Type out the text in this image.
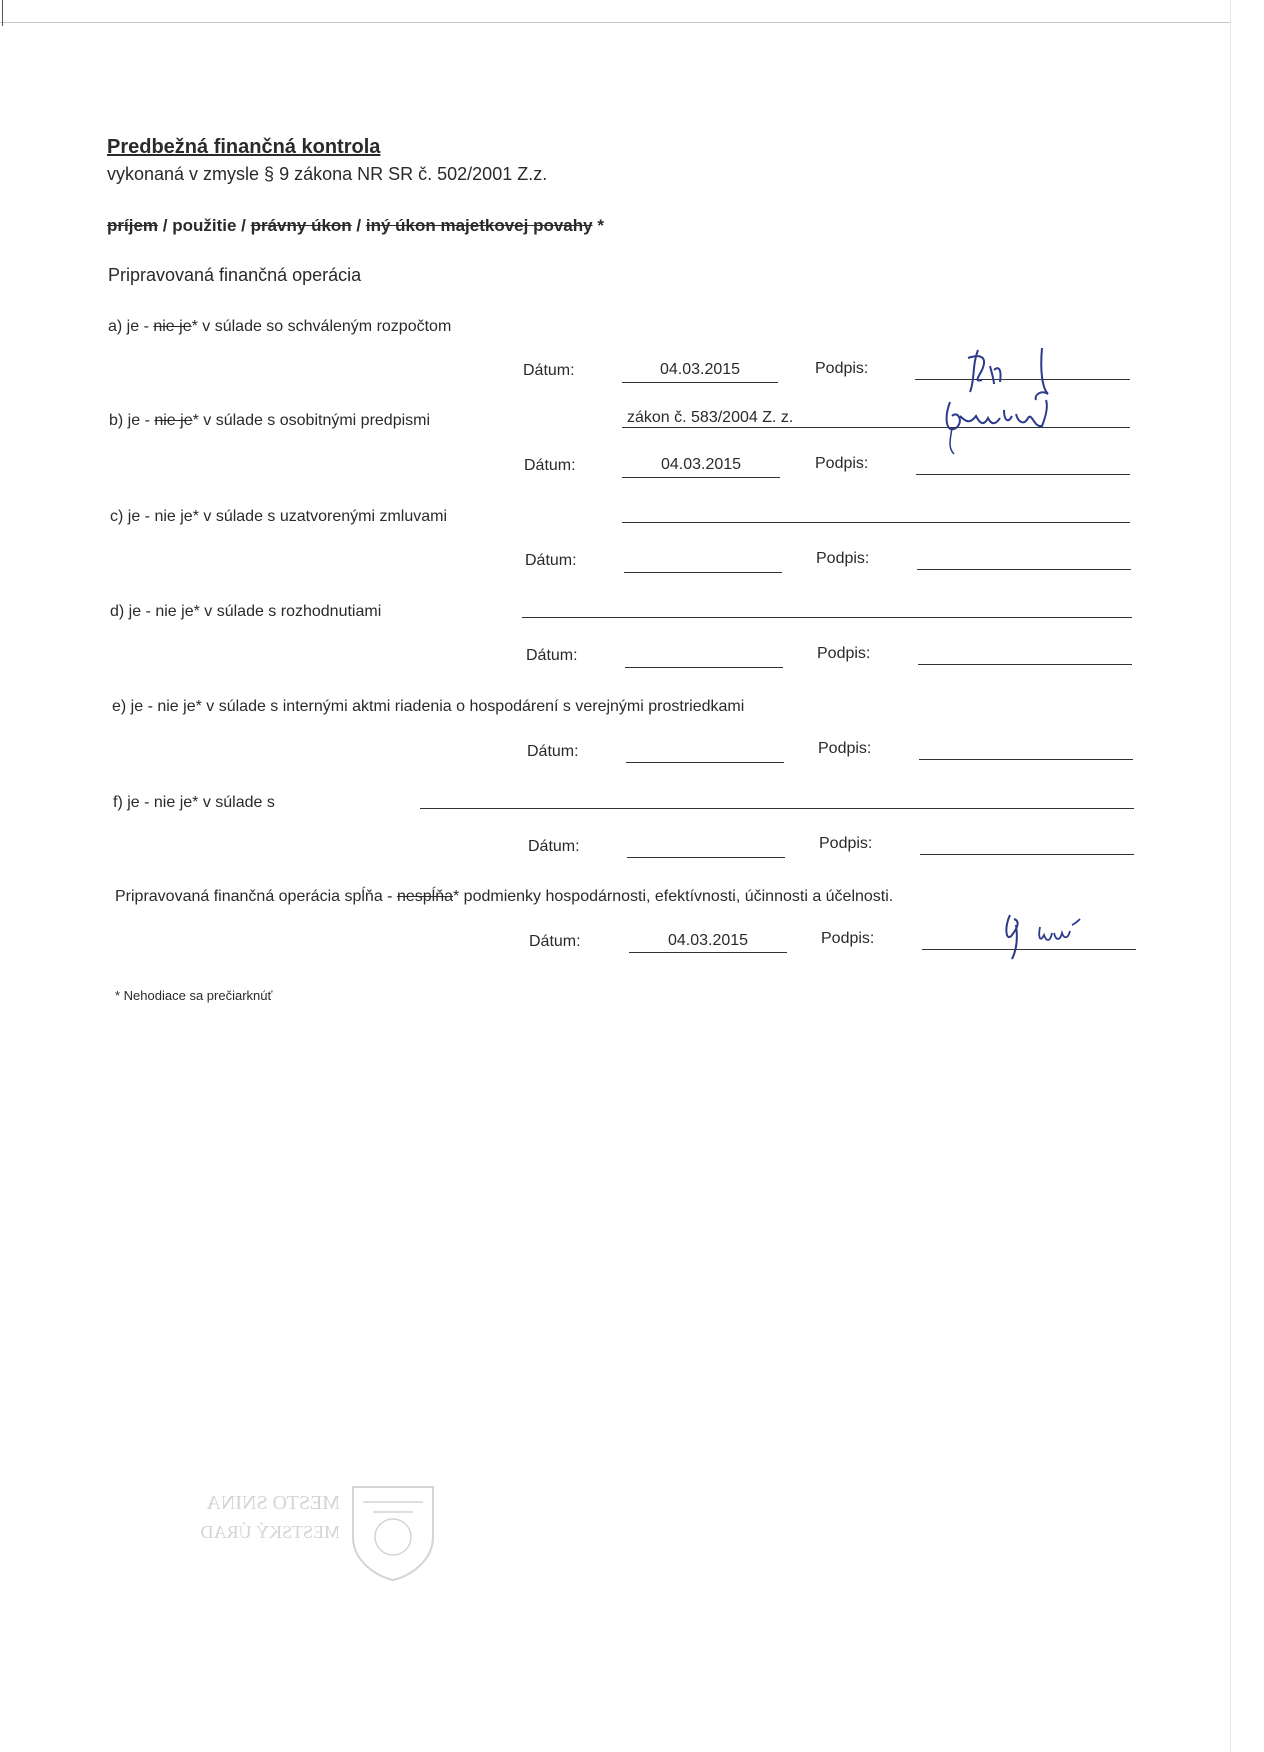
Predbežná finančná kontrola
vykonaná v zmysle § 9 zákona NR SR č. 502/2001 Z.z.
príjem / použitie / právny úkon / iný úkon majetkovej povahy *
Pripravovaná finančná operácia
a) je - nie je* v súlade so schváleným rozpočtom
Dátum:	04.03.2015	Podpis:
b) je - nie je* v súlade s osobitnými predpismi	zákon č. 583/2004 Z. z.
Dátum:	04.03.2015	Podpis:
c) je - nie je* v súlade s uzatvorenými zmluvami
Dátum:	Podpis:
d) je - nie je* v súlade s rozhodnutiami
Dátum:	Podpis:
e) je - nie je* v súlade s internými aktmi riadenia o hospodárení s verejnými prostriedkami
Dátum:	Podpis:
f) je - nie je* v súlade s
Dátum:	Podpis:
Pripravovaná finančná operácia spĺňa - nespĺňa* podmienky hospodárnosti, efektívnosti, účinnosti a účelnosti.
Dátum:	04.03.2015	Podpis:
* Nehodiace sa prečiarknúť
MESTO SNINA
MESTSKÝ ÚRAD
